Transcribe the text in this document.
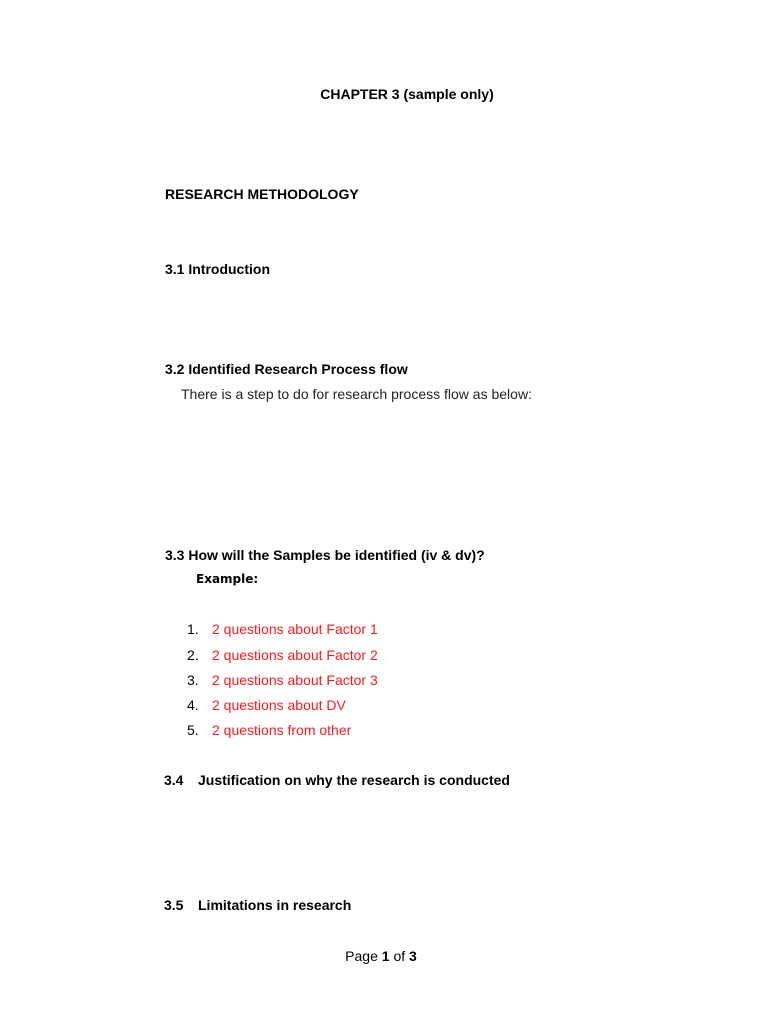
CHAPTER 3 (sample only)
RESEARCH METHODOLOGY
3.1 Introduction
3.2 Identified Research Process flow
There is a step to do for research process flow as below:
3.3 How will the Samples be identified (iv & dv)?
Example:
1. 2 questions about Factor 1
2. 2 questions about Factor 2
3. 2 questions about Factor 3
4. 2 questions about DV
5. 2 questions from other
3.4 Justification on why the research is conducted
3.5 Limitations in research
Page 1 of 3
